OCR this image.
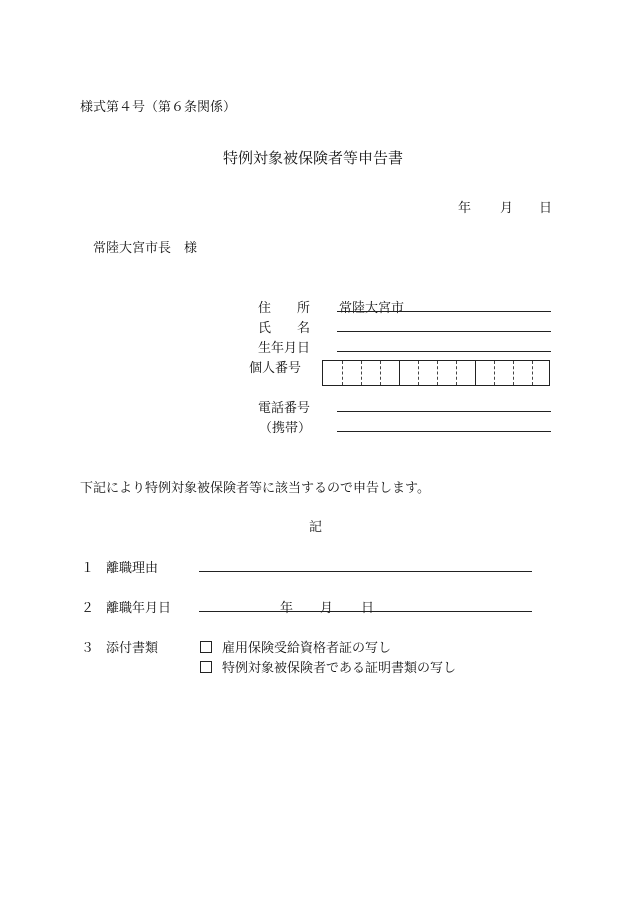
様式第４号（第６条関係）
特例対象被保険者等申告書
年 月 日
常陸大宮市長　様
住　　所 常陸大宮市
氏　　名
生年月日
個人番号
電話番号
（携帯）
下記により特例対象被保険者等に該当するので申告します。
記
１ 離職理由
２ 離職年月日	年 月 日
３ 添付書類	雇用保険受給資格者証の写し
特例対象被保険者である証明書類の写し
